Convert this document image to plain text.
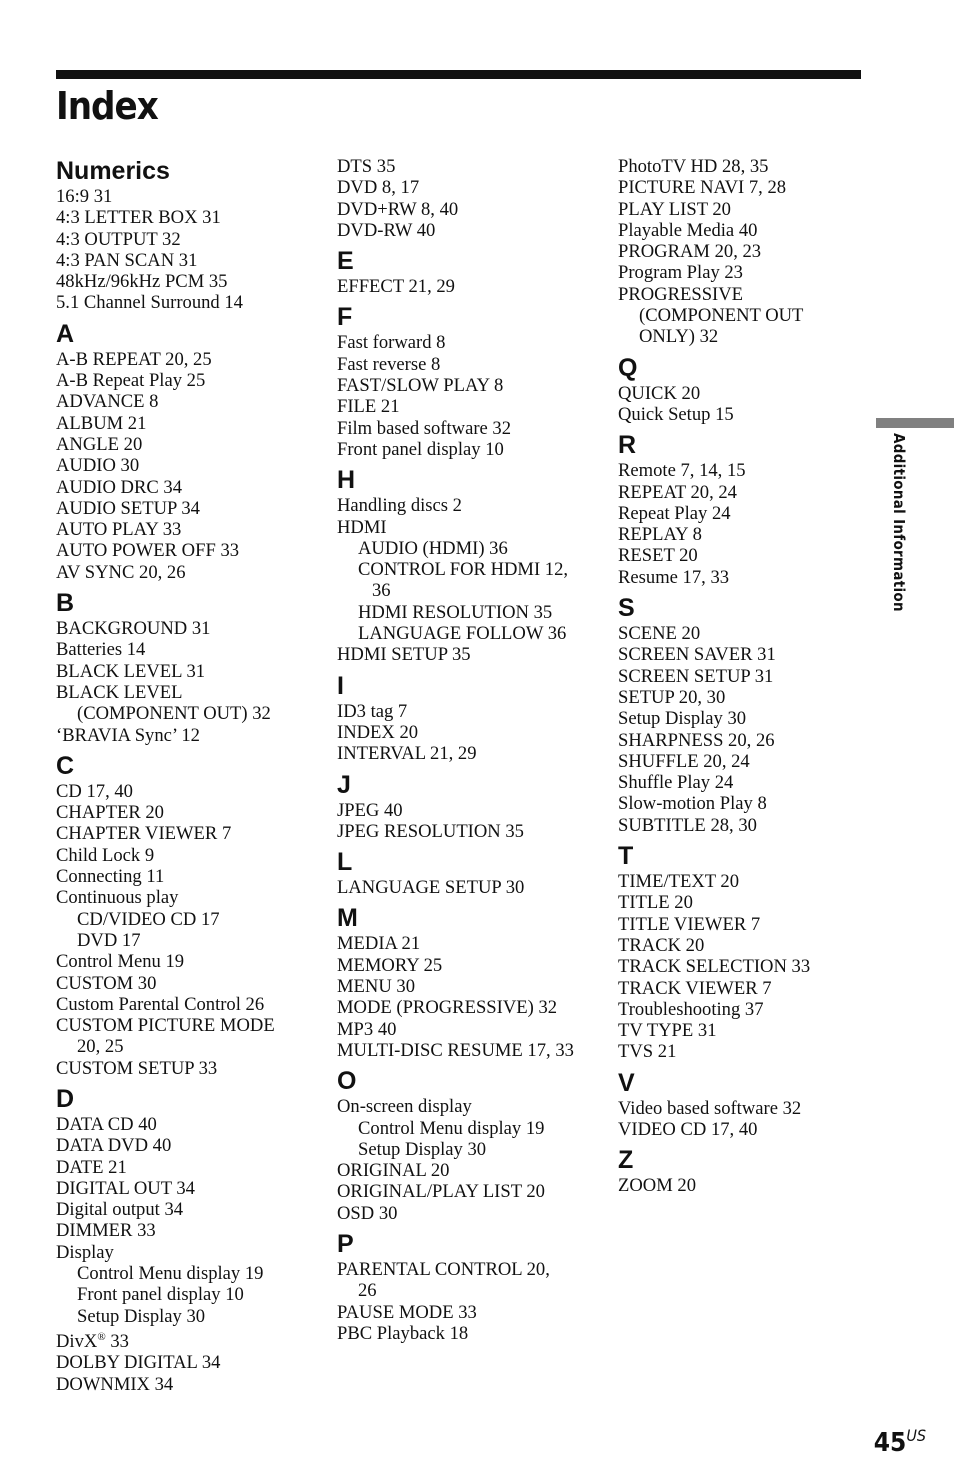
Index
Numerics
16:9 31
4:3 LETTER BOX 31
4:3 OUTPUT 32
4:3 PAN SCAN 31
48kHz/96kHz PCM 35
5.1 Channel Surround 14
A
A-B REPEAT 20, 25
A-B Repeat Play 25
ADVANCE 8
ALBUM 21
ANGLE 20
AUDIO 30
AUDIO DRC 34
AUDIO SETUP 34
AUTO PLAY 33
AUTO POWER OFF 33
AV SYNC 20, 26
B
BACKGROUND 31
Batteries 14
BLACK LEVEL 31
BLACK LEVEL
(COMPONENT OUT) 32
‘BRAVIA Sync’ 12
C
CD 17, 40
CHAPTER 20
CHAPTER VIEWER 7
Child Lock 9
Connecting 11
Continuous play
CD/VIDEO CD 17
DVD 17
Control Menu 19
CUSTOM 30
Custom Parental Control 26
CUSTOM PICTURE MODE
20, 25
CUSTOM SETUP 33
D
DATA CD 40
DATA DVD 40
DATE 21
DIGITAL OUT 34
Digital output 34
DIMMER 33
Display
Control Menu display 19
Front panel display 10
Setup Display 30
DivX® 33
DOLBY DIGITAL 34
DOWNMIX 34
DTS 35
DVD 8, 17
DVD+RW 8, 40
DVD-RW 40
E
EFFECT 21, 29
F
Fast forward 8
Fast reverse 8
FAST/SLOW PLAY 8
FILE 21
Film based software 32
Front panel display 10
H
Handling discs 2
HDMI
AUDIO (HDMI) 36
CONTROL FOR HDMI 12,
36
HDMI RESOLUTION 35
LANGUAGE FOLLOW 36
HDMI SETUP 35
I
ID3 tag 7
INDEX 20
INTERVAL 21, 29
J
JPEG 40
JPEG RESOLUTION 35
L
LANGUAGE SETUP 30
M
MEDIA 21
MEMORY 25
MENU 30
MODE (PROGRESSIVE) 32
MP3 40
MULTI-DISC RESUME 17, 33
O
On-screen display
Control Menu display 19
Setup Display 30
ORIGINAL 20
ORIGINAL/PLAY LIST 20
OSD 30
P
PARENTAL CONTROL 20,
26
PAUSE MODE 33
PBC Playback 18
PhotoTV HD 28, 35
PICTURE NAVI 7, 28
PLAY LIST 20
Playable Media 40
PROGRAM 20, 23
Program Play 23
PROGRESSIVE
(COMPONENT OUT
ONLY) 32
Q
QUICK 20
Quick Setup 15
R
Remote 7, 14, 15
REPEAT 20, 24
Repeat Play 24
REPLAY 8
RESET 20
Resume 17, 33
S
SCENE 20
SCREEN SAVER 31
SCREEN SETUP 31
SETUP 20, 30
Setup Display 30
SHARPNESS 20, 26
SHUFFLE 20, 24
Shuffle Play 24
Slow-motion Play 8
SUBTITLE 28, 30
T
TIME/TEXT 20
TITLE 20
TITLE VIEWER 7
TRACK 20
TRACK SELECTION 33
TRACK VIEWER 7
Troubleshooting 37
TV TYPE 31
TVS 21
V
Video based software 32
VIDEO CD 17, 40
Z
ZOOM 20
Additional Information
$45^{US}$
